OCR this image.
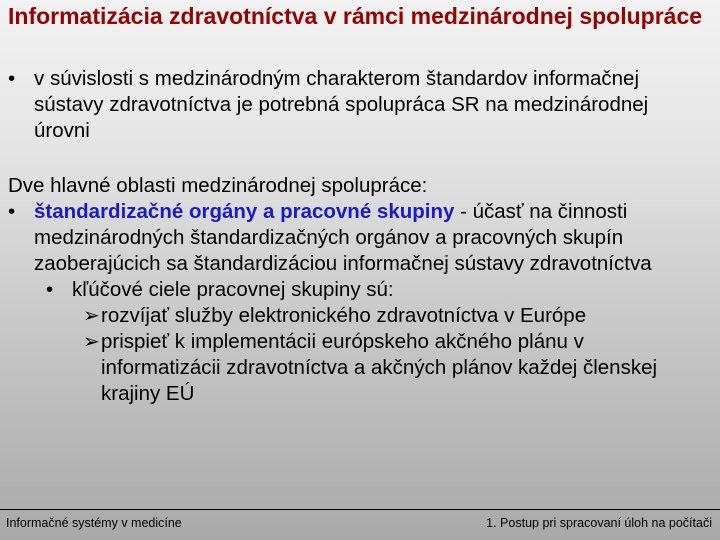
Informatizácia zdravotníctva v rámci medzinárodnej spolupráce
• v súvislosti s medzinárodným charakterom štandardov informačnej sústavy zdravotníctva je potrebná spolupráca SR na medzinárodnej úrovni
Dve hlavné oblasti medzinárodnej spolupráce:
• štandardizačné orgány a pracovné skupiny - účasť na činnosti medzinárodných štandardizačných orgánov a pracovných skupín zaoberajúcich sa štandardizáciou informačnej sústavy zdravotníctva
• kľúčové ciele pracovnej skupiny sú:
➢ rozvíjať služby elektronického zdravotníctva v Európe
➢ prispieť k implementácii európskeho akčného plánu v informatizácii zdravotníctva a akčných plánov každej členskej krajiny EÚ
Informačné systémy v medicíne	1. Postup pri spracovaní úloh na počítači
